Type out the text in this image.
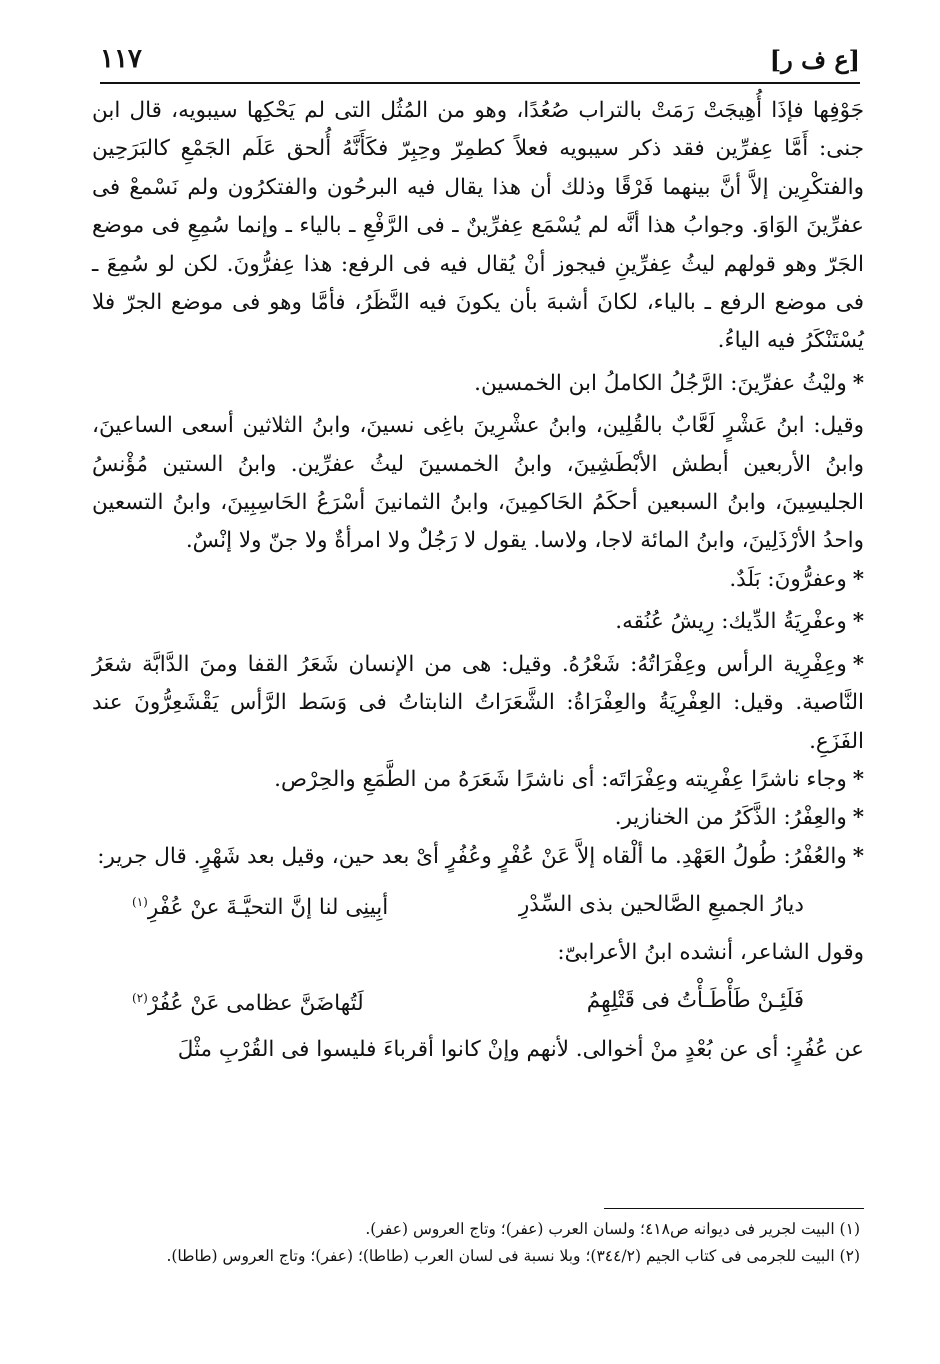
١١٧	[ع ف ر]

جَوْفِها فإذَا أُهِيجَتْ رَمَتْ بالتراب صُعُدًا، وهو من المُثُل التى لم يَحْكِها سيبويه، قال ابن جنى: أَمَّا عِفرِّين فقد ذكر سيبويه فعلاً كطمِرّ وحِبِرّ فكَأَنَّهُ أُلحق عَلَم الجَمْعِ كالبَرَحِين والفتكْرِين إلاَّ أنَّ بينهما فَرْقًا وذلك أن هذا يقال فيه البرحُون والفتكرُون ولم نَسْمعْ فى عفرِّينَ الوَاوَ. وجوابُ هذا أنَّه لم يُسْمَع عِفرِّينٌ ـ فى الرَّفْعِ ـ بالياء ـ وإنما سُمِعِ فى موضع الجَرّ وهو قولهم ليثُ عِفرِّينِ فيجوز أنْ يُقال فيه فى الرفع: هذا عِفرُّونَ. لكن لو سُمِعَ ـ فى موضع الرفع ـ بالياء، لكانَ أشبهَ بأن يكونَ فيه النَّظَرُ، فأمَّا وهو فى موضع الجرّ فلا يُسْتَنْكَرُ فيه الياءُ.

*وليْثُ عفرِّينَ: الرَّجُلُ الكاملُ ابن الخمسين.

وقيل: ابنُ عَشْرٍ لَعَّابٌ بالقُلِين، وابنُ عشْرِينَ باغِى نسينَ، وابنُ الثلاثين أسعى الساعينَ، وابنُ الأربعين أبطش الأبْطَشِينَ، وابنُ الخمسينَ ليثُ عفرِّين. وابنُ الستين مُؤْنسُ الجليسِينَ، وابنُ السبعين أحكَمُ الحَاكمِينَ، وابنُ الثمانينَ أسْرَعُ الحَاسِبِينَ، وابنُ التسعين واحدُ الأرْذَلِينَ، وابنُ المائة لاجا، ولاسا. يقول لا رَجُلٌ ولا امرأةٌ ولا جنّ ولا إنْسٌ.

*وعفرُّونَ: بَلَدٌ.

*وعفْرِيَةُ الدِّيك: رِيشُ عُنُقه.

*وعِفْرِية الرأس وعِفْرَاتُهُ: شَعْرُهُ. وقيل: هى من الإنسان شَعَرُ القفا ومنَ الدَّابَّة شعَرُ النَّاصية. وقيل: العِفْرِيَةُ والعِفْرَاةُ: الشَّعَرَاتُ النابتاتُ فى وَسَط الرَّأس يَقْشَعِرُّونَ عند الفَزَعِ.

*وجاء ناشرًا عِفْرِيته وعِفْرَاتَه: أى ناشرًا شَعَرَهُ من الطَّمَعِ والحِرْص.

*والعِفْرُ: الذَّكَرُ من الخنازير.

*والعُفْرُ: طُولُ العَهْدِ. ما ألْقاه إلاَّ عَنْ عُفْرٍ وعُفُرٍ أىْ بعد حين، وقيل بعد شَهْرٍ. قال جرير:

ديارُ الجميعِ الصَّالحين بذى السِّدْرِ
أبِينِى لنا إنَّ التحيَّـةَ عنْ عُفْرِ$^{(١)}$

وقول الشاعر، أنشده ابنُ الأعرابىّ:

فَلَئِـنْ طَأْطَـأْتُ فى قَتْلِهِمُ
لَتُهاضَنَّ عظامى عَنْ عُفُرْ$^{(٢)}$

عن عُفُرٍ: أى عن بُعْدٍ منْ أخوالى. لأنهم وإنْ كانوا أقرباءَ فليسوا فى القُرْبِ مثْلَ

(١) البيت لجرير فى ديوانه ص٤١٨؛ ولسان العرب (عفر)؛ وتاج العروس (عفر).

(٢) البيت للجرمى فى كتاب الجيم (٣٤٤/٢)؛ وبلا نسبة فى لسان العرب (طاطا)؛ (عفر)؛ وتاج العروس (طاطا).
